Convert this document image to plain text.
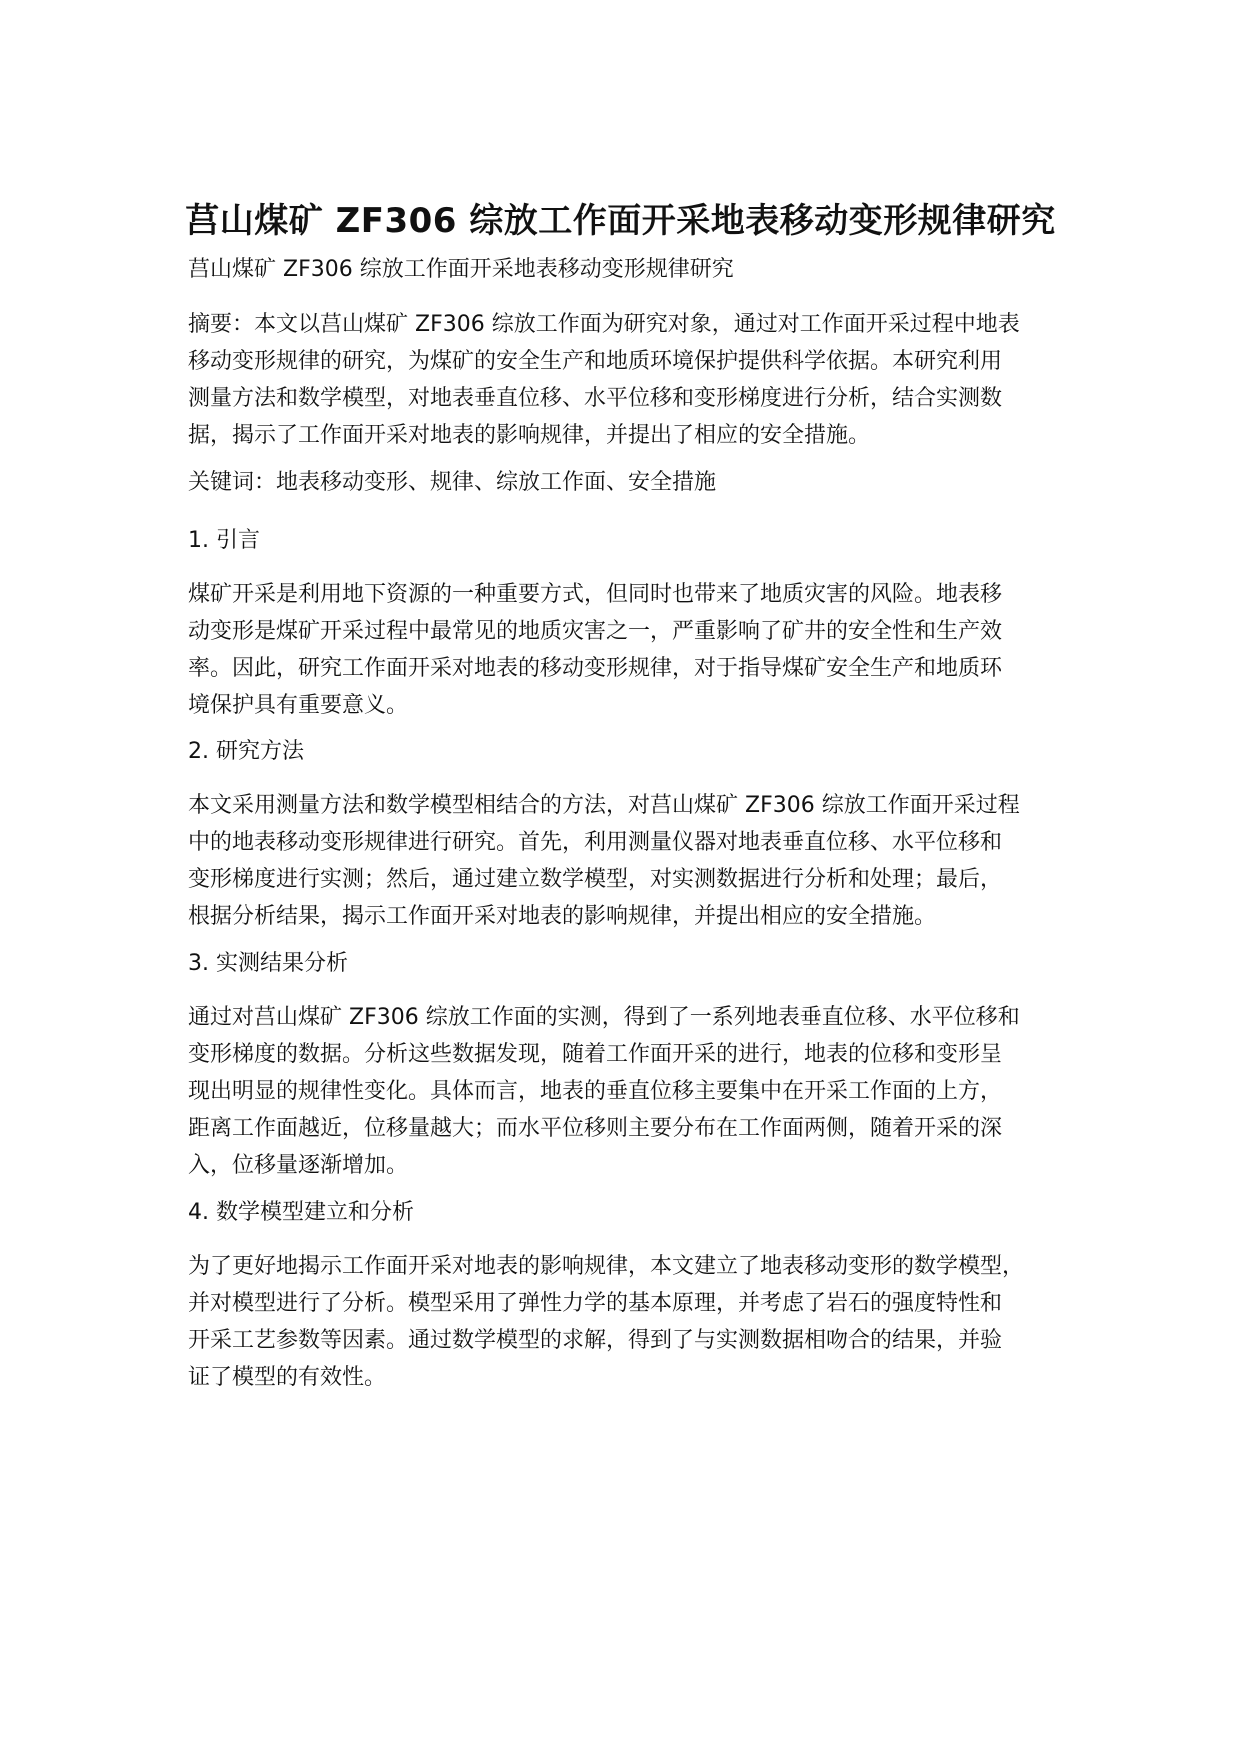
莒山煤矿 ZF306 综放工作面开采地表移动变形规律研究

莒山煤矿 ZF306 综放工作面开采地表移动变形规律研究

摘要：本文以莒山煤矿 ZF306 综放工作面为研究对象，通过对工作面开采过程中地表
移动变形规律的研究，为煤矿的安全生产和地质环境保护提供科学依据。本研究利用
测量方法和数学模型，对地表垂直位移、水平位移和变形梯度进行分析，结合实测数
据，揭示了工作面开采对地表的影响规律，并提出了相应的安全措施。

关键词：地表移动变形、规律、综放工作面、安全措施

1. 引言

煤矿开采是利用地下资源的一种重要方式，但同时也带来了地质灾害的风险。地表移
动变形是煤矿开采过程中最常见的地质灾害之一，严重影响了矿井的安全性和生产效
率。因此，研究工作面开采对地表的移动变形规律，对于指导煤矿安全生产和地质环
境保护具有重要意义。

2. 研究方法

本文采用测量方法和数学模型相结合的方法，对莒山煤矿 ZF306 综放工作面开采过程
中的地表移动变形规律进行研究。首先，利用测量仪器对地表垂直位移、水平位移和
变形梯度进行实测；然后，通过建立数学模型，对实测数据进行分析和处理；最后，
根据分析结果，揭示工作面开采对地表的影响规律，并提出相应的安全措施。

3. 实测结果分析

通过对莒山煤矿 ZF306 综放工作面的实测，得到了一系列地表垂直位移、水平位移和
变形梯度的数据。分析这些数据发现，随着工作面开采的进行，地表的位移和变形呈
现出明显的规律性变化。具体而言，地表的垂直位移主要集中在开采工作面的上方，
距离工作面越近，位移量越大；而水平位移则主要分布在工作面两侧，随着开采的深
入，位移量逐渐增加。

4. 数学模型建立和分析

为了更好地揭示工作面开采对地表的影响规律，本文建立了地表移动变形的数学模型，
并对模型进行了分析。模型采用了弹性力学的基本原理，并考虑了岩石的强度特性和
开采工艺参数等因素。通过数学模型的求解，得到了与实测数据相吻合的结果，并验
证了模型的有效性。
